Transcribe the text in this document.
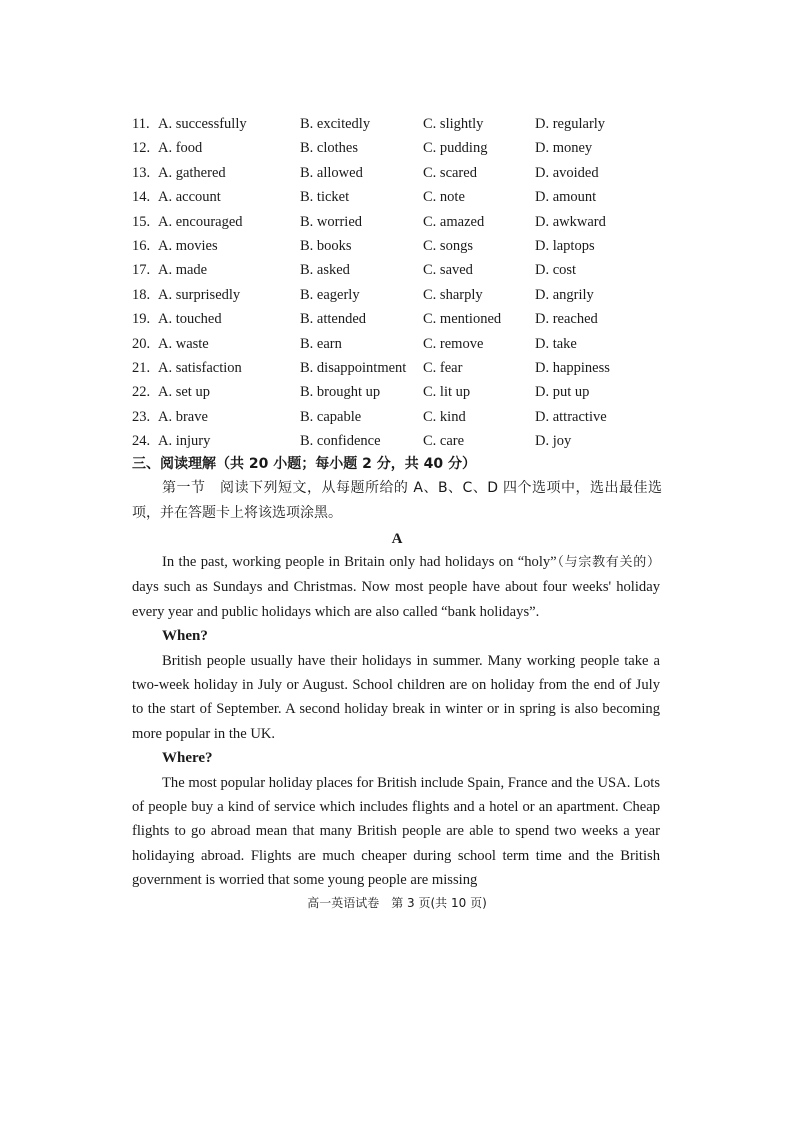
11. A. successfully	B. excitedly	C. slightly	D. regularly
12. A. food	B. clothes	C. pudding	D. money
13. A. gathered	B. allowed	C. scared	D. avoided
14. A. account	B. ticket	C. note	D. amount
15. A. encouraged	B. worried	C. amazed	D. awkward
16. A. movies	B. books	C. songs	D. laptops
17. A. made	B. asked	C. saved	D. cost
18. A. surprisedly	B. eagerly	C. sharply	D. angrily
19. A. touched	B. attended	C. mentioned D. reached
20. A. waste	B. earn	C. remove	D. take
21. A. satisfaction	B. disappointment C. fear	D. happiness
22. A. set up	B. brought up	C. lit up	D. put up
23. A. brave	B. capable	C. kind	D. attractive
24. A. injury	B. confidence	C. care	D. joy
三、阅读理解（共 20 小题；每小题 2 分，共 40 分）
第一节　阅读下列短文，从每题所给的 A、B、C、D 四个选项中，选出最佳选项，并在答题卡上将该选项涂黑。
A

In the past, working people in Britain only had holidays on “holy”（与宗教有关的）days such as Sundays and Christmas. Now most people have about four weeks' holiday every year and public holidays which are also called “bank holidays”.

When?

British people usually have their holidays in summer. Many working people take a two-week holiday in July or August. School children are on holiday from the end of July to the start of September. A second holiday break in winter or in spring is also becoming more popular in the UK.

Where?

The most popular holiday places for British include Spain, France and the USA. Lots of people buy a kind of service which includes flights and a hotel or an apartment. Cheap flights to go abroad mean that many British people are able to spend two weeks a year holidaying abroad. Flights are much cheaper during school term time and the British government is worried that some young people are missing

高一英语试卷　第 3 页(共 10 页)
